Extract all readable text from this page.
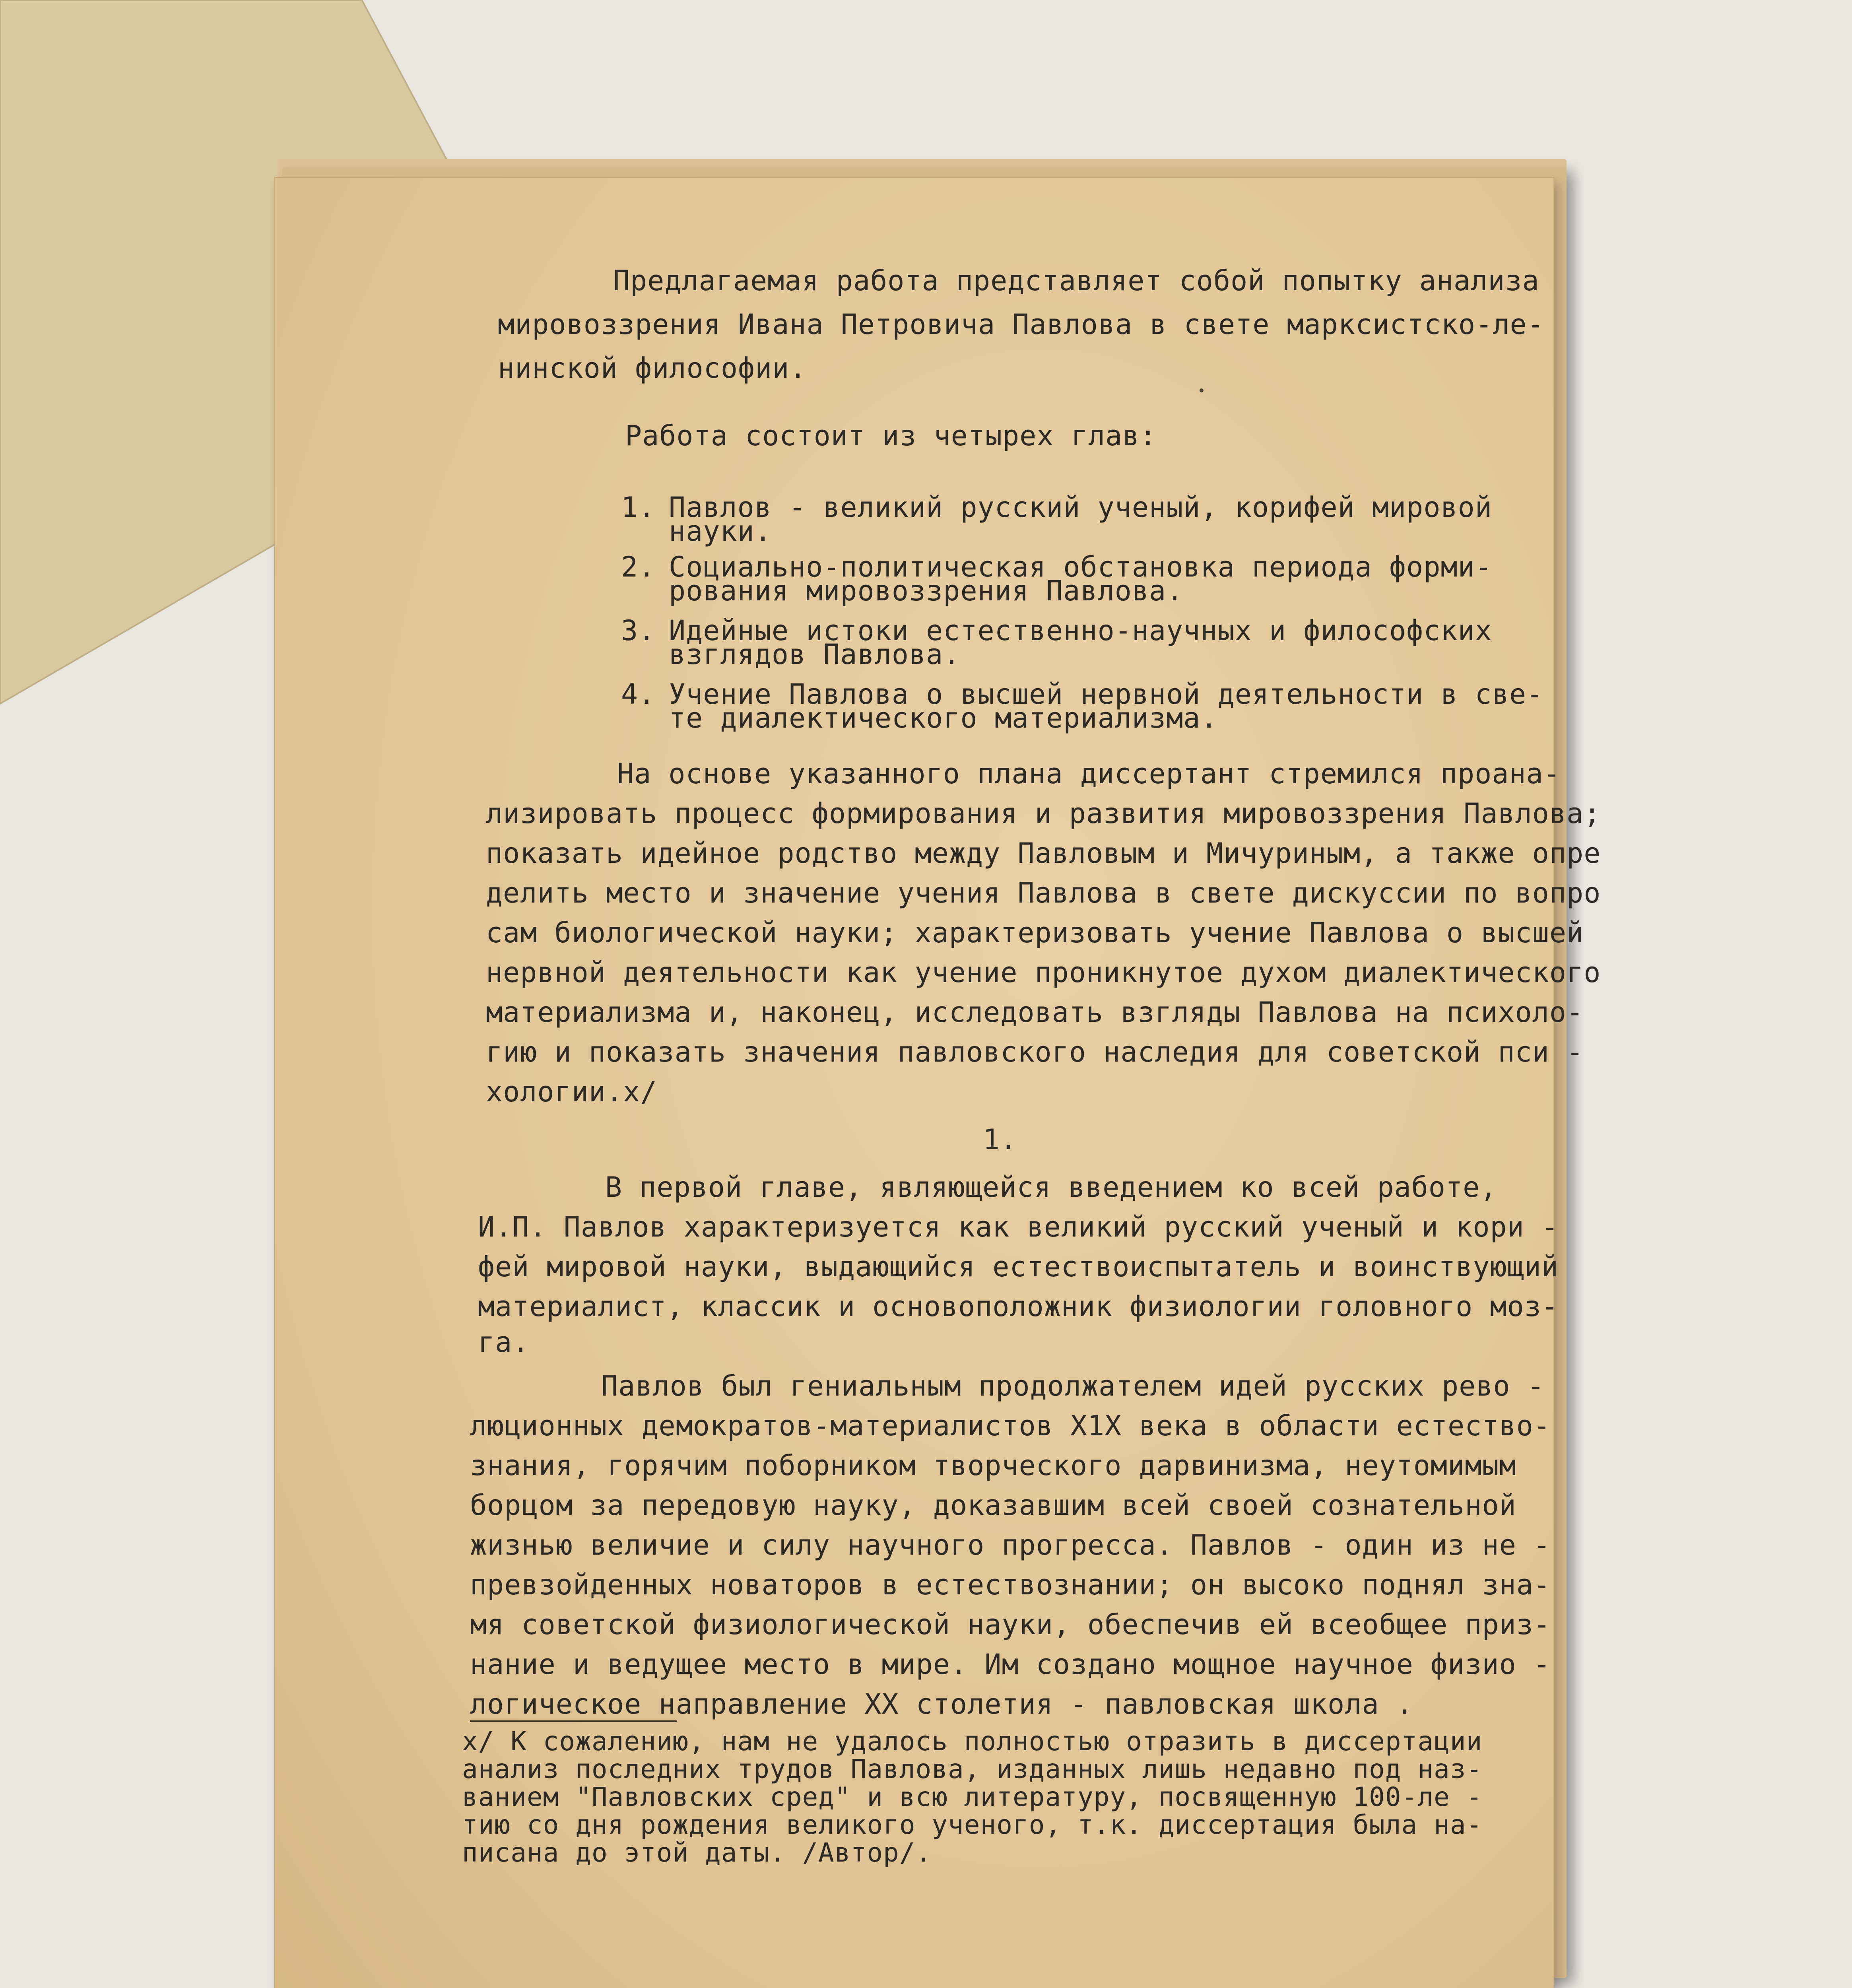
Предлагаемая работа представляет собой попытку анализа
мировоззрения Ивана Петровича Павлова в свете марксистско-ле-
нинской философии.
Работа состоит из четырех глав:
1. Павлов - великий русский ученый, корифей мировой
науки.
2. Социально-политическая обстановка периода форми-
рования мировоззрения Павлова.
3. Идейные истоки естественно-научных и философских
взглядов Павлова.
4. Учение Павлова о высшей нервной деятельности в све-
те диалектического материализма.
На основе указанного плана диссертант стремился проана-
лизировать процесс формирования и развития мировоззрения Павлова;
показать идейное родство между Павловым и Мичуриным, а также опре
делить место и значение учения Павлова в свете дискуссии по вопро
сам биологической науки; характеризовать учение Павлова о высшей
нервной деятельности как учение проникнутое духом диалектического
материализма и, наконец, исследовать взгляды Павлова на психоло-
гию и показать значения павловского наследия для советской пси -
хологии.х/
1.
В первой главе, являющейся введением ко всей работе,
И.П. Павлов характеризуется как великий русский ученый и кори -
фей мировой науки, выдающийся естествоиспытатель и воинствующий
материалист, классик и основоположник физиологии головного моз-
га.
Павлов был гениальным продолжателем идей русских рево -
люционных демократов-материалистов Х1Х века в области естество-
знания, горячим поборником творческого дарвинизма, неутомимым
борцом за передовую науку, доказавшим всей своей сознательной
жизнью величие и силу научного прогресса. Павлов - один из не -
превзойденных новаторов в естествознании; он высоко поднял зна-
мя советской физиологической науки, обеспечив ей всеобщее приз-
нание и ведущее место в мире. Им создано мощное научное физио -
логическое направление ХХ столетия - павловская школа .
х/ К сожалению, нам не удалось полностью отразить в диссертации
анализ последних трудов Павлова, изданных лишь недавно под наз-
ванием "Павловских сред" и всю литературу, посвященную 100-ле -
тию со дня рождения великого ученого, т.к. диссертация была на-
писана до этой даты. /Автор/.
